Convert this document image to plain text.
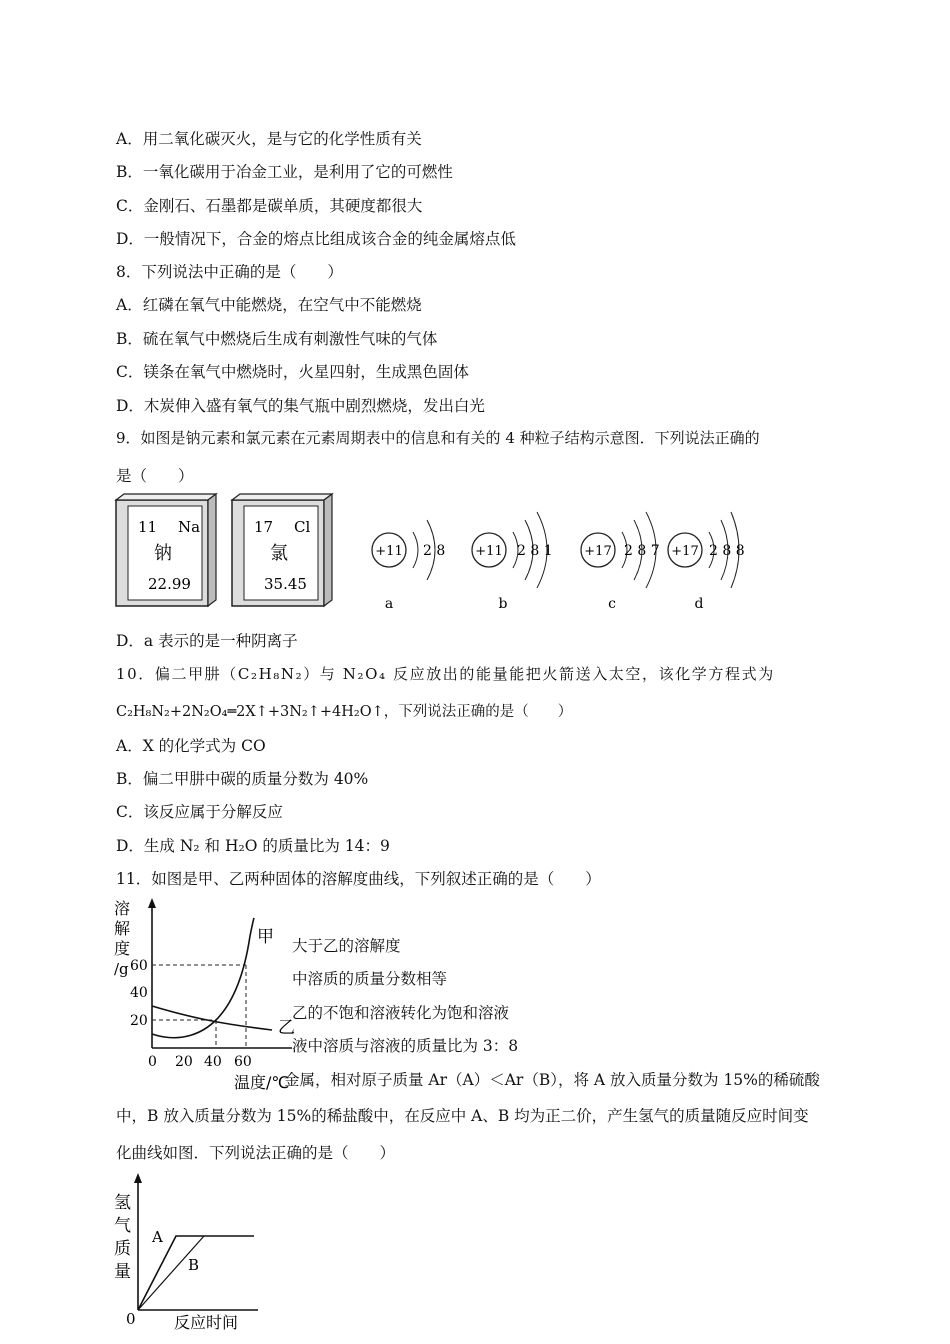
A．用二氧化碳灭火，是与它的化学性质有关
B．一氧化碳用于冶金工业，是利用了它的可燃性
C．金刚石、石墨都是碳单质，其硬度都很大
D．一般情况下，合金的熔点比组成该合金的纯金属熔点低
8．下列说法中正确的是（　　）
A．红磷在氧气中能燃烧，在空气中不能燃烧
B．硫在氧气中燃烧后生成有刺激性气味的气体
C．镁条在氧气中燃烧时，火星四射，生成黑色固体
D．木炭伸入盛有氧气的集气瓶中剧烈燃烧，发出白光
9．如图是钠元素和氯元素在元素周期表中的信息和有关的 4 种粒子结构示意图．下列说法正确的
是（　　）
11 Na
钠
22.99
17 Cl
氯
35.45
+11 2 8
a
+11 2 8 1
b
+17 2 8 7
c
+17 2 8 8
d
D．a 表示的是一种阴离子
10．偏二甲肼（C₂H₈N₂）与 N₂O₄ 反应放出的能量能把火箭送入太空，该化学方程式为
C₂H₈N₂+2N₂O₄═2X↑+3N₂↑+4H₂O↑，下列说法正确的是（　　）
A．X 的化学式为 CO
B．偏二甲肼中碳的质量分数为 40%
C．该反应属于分解反应
D．生成 N₂ 和 H₂O 的质量比为 14：9
11．如图是甲、乙两种固体的溶解度曲线，下列叙述正确的是（　　）
溶
解
度
/g
甲
乙
60
40
20
0 20 40 60
温度/℃
大于乙的溶解度
中溶质的质量分数相等
乙的不饱和溶液转化为饱和溶液
液中溶质与溶液的质量比为 3：8
金属，相对原子质量 Ar（A）＜Ar（B），将 A 放入质量分数为 15%的稀硫酸
中，B 放入质量分数为 15%的稀盐酸中，在反应中 A、B 均为正二价，产生氢气的质量随反应时间变
化曲线如图．下列说法正确的是（　　）
氢
气
质
量
A
B
0 反应时间
